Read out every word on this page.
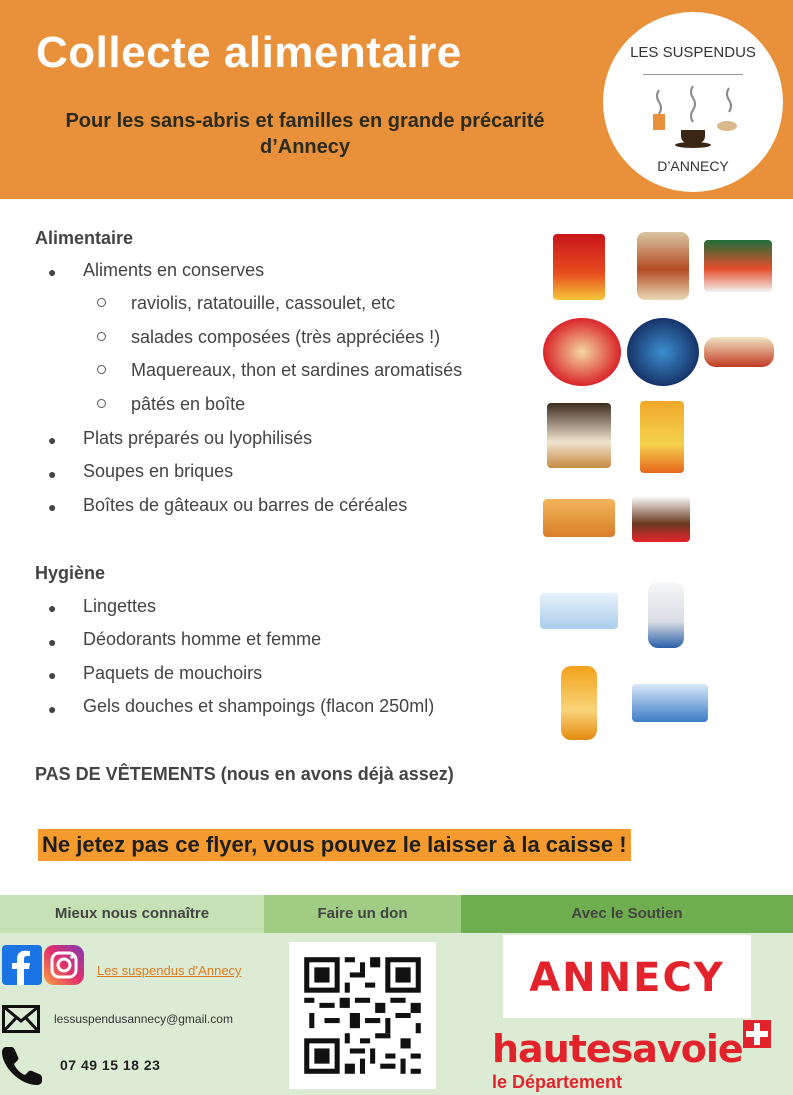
Collecte alimentaire
Pour les sans-abris et familles en grande précarité d’Annecy
LES SUSPENDUS
D’ANNECY
Alimentaire
● Aliments en conserves
raviolis, ratatouille, cassoulet, etc
salades composées (très appréciées !)
Maquereaux, thon et sardines aromatisés
pâtés en boîte
● Plats préparés ou lyophilisés
● Soupes en briques
● Boîtes de gâteaux ou barres de céréales
Hygiène
● Lingettes
● Déodorants homme et femme
● Paquets de mouchoirs
● Gels douches et shampoings (flacon 250ml)
PAS DE VÊTEMENTS (nous en avons déjà assez)
Ne jetez pas ce flyer, vous pouvez le laisser à la caisse !
Mieux nous connaître	Faire un don	Avec le Soutien
Les suspendus d’Annecy
lessuspendusannecy@gmail.com
07 49 15 18 23
ANNECY
hautesavoie
le Département
